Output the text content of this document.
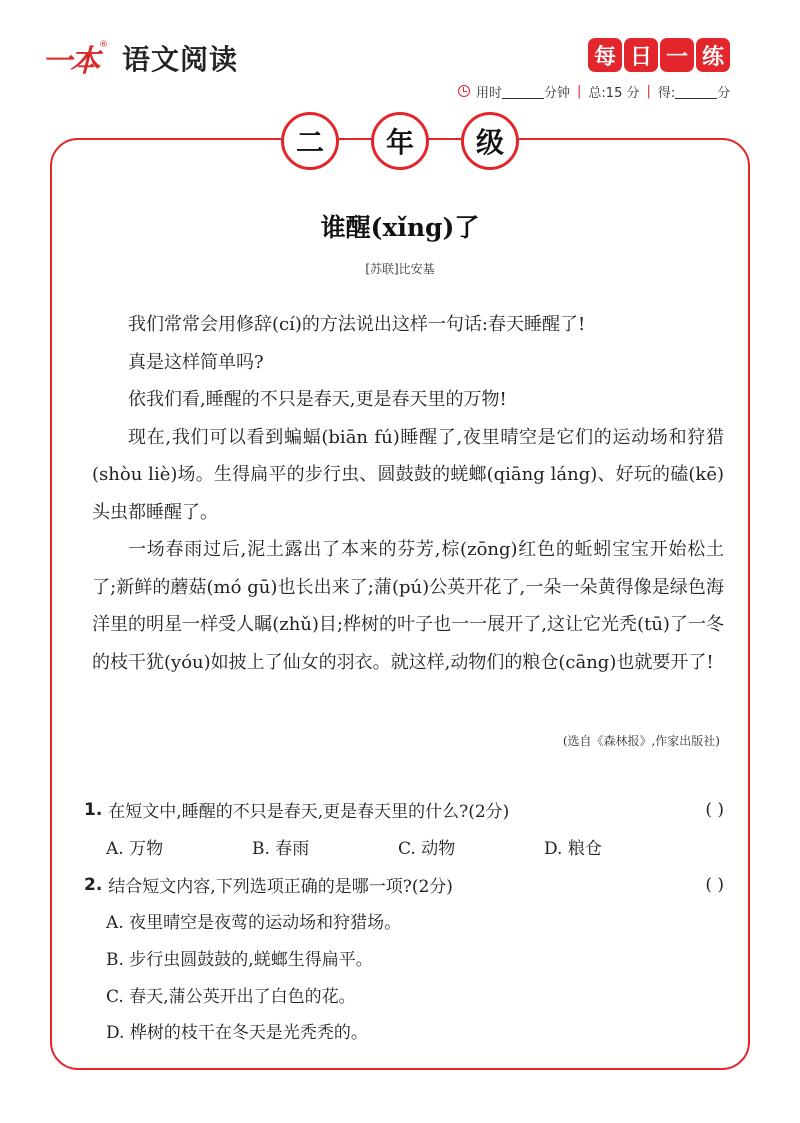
一本 ® 语文阅读	每 日 一 练
用时	分钟 | 总:15 分 | 得:	分
二	年	级
谁醒(xǐng)了
[苏联]比安基

我们常常会用修辞(cí)的方法说出这样一句话:春天睡醒了!

真是这样简单吗?

依我们看,睡醒的不只是春天,更是春天里的万物!

现在,我们可以看到蝙蝠(biān fú)睡醒了,夜里晴空是它们的运动场和狩猎(shòu liè)场。生得扁平的步行虫、圆鼓鼓的蜣螂(qiāng láng)、好玩的磕(kē)头虫都睡醒了。

一场春雨过后,泥土露出了本来的芬芳,棕(zōng)红色的蚯蚓宝宝开始松土了;新鲜的蘑菇(mó gū)也长出来了;蒲(pú)公英开花了,一朵一朵黄得像是绿色海洋里的明星一样受人瞩(zhǔ)目;桦树的叶子也一一展开了,这让它光秃(tū)了一冬的枝干犹(yóu)如披上了仙女的羽衣。就这样,动物们的粮仓(cāng)也就要开了!

(选自《森林报》,作家出版社)
1. 在短文中,睡醒的不只是春天,更是春天里的什么?(2分)	( )
A. 万物	B. 春雨	C. 动物	D. 粮仓
2. 结合短文内容,下列选项正确的是哪一项?(2分)	( )
A. 夜里晴空是夜莺的运动场和狩猎场。
B. 步行虫圆鼓鼓的,蜣螂生得扁平。
C. 春天,蒲公英开出了白色的花。
D. 桦树的枝干在冬天是光秃秃的。
